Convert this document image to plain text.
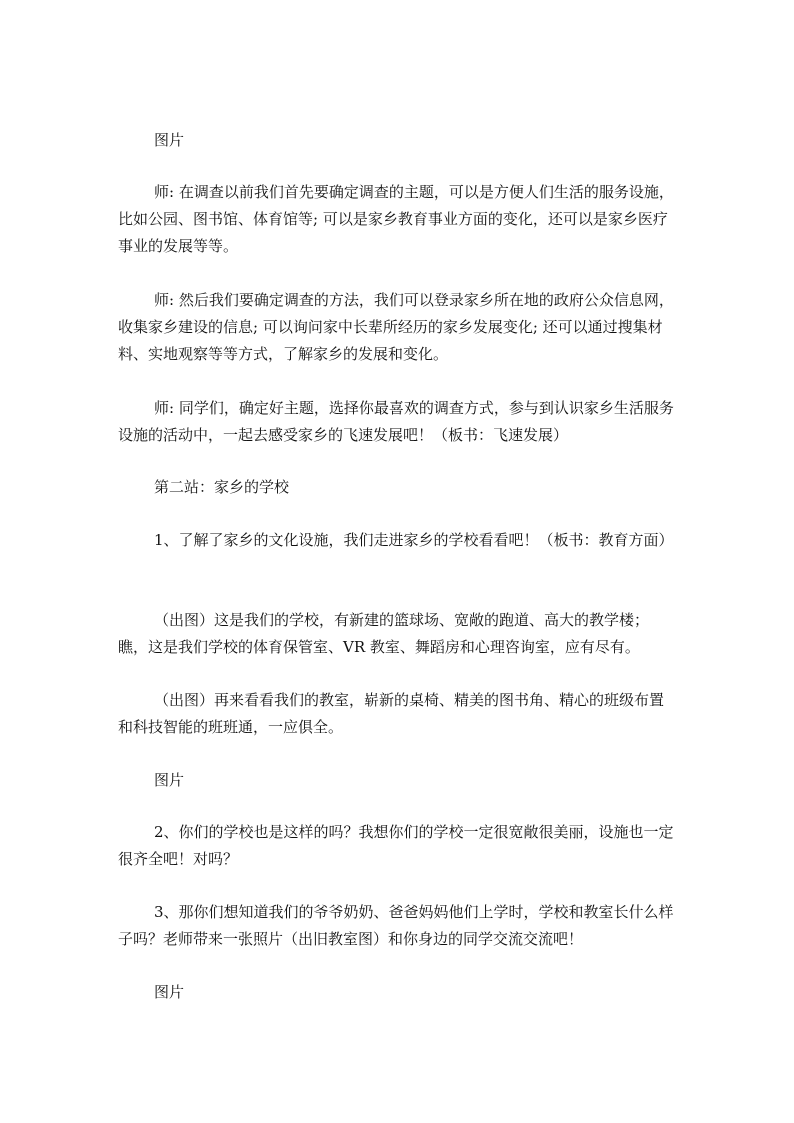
图片

师: 在调查以前我们首先要确定调查的主题，可以是方便人们生活的服务设施，比如公园、图书馆、体育馆等; 可以是家乡教育事业方面的变化，还可以是家乡医疗事业的发展等等。

师: 然后我们要确定调查的方法，我们可以登录家乡所在地的政府公众信息网，收集家乡建设的信息; 可以询问家中长辈所经历的家乡发展变化; 还可以通过搜集材料、实地观察等等方式，了解家乡的发展和变化。

师: 同学们，确定好主题，选择你最喜欢的调查方式，参与到认识家乡生活服务设施的活动中，一起去感受家乡的飞速发展吧！（板书：飞速发展）

第二站：家乡的学校

1、了解了家乡的文化设施，我们走进家乡的学校看看吧！（板书：教育方面）

（出图）这是我们的学校，有新建的篮球场、宽敞的跑道、高大的教学楼；瞧，这是我们学校的体育保管室、VR 教室、舞蹈房和心理咨询室，应有尽有。

（出图）再来看看我们的教室，崭新的桌椅、精美的图书角、精心的班级布置和科技智能的班班通，一应俱全。

图片

2、你们的学校也是这样的吗？我想你们的学校一定很宽敞很美丽，设施也一定很齐全吧！对吗？

3、那你们想知道我们的爷爷奶奶、爸爸妈妈他们上学时，学校和教室长什么样子吗？老师带来一张照片（出旧教室图）和你身边的同学交流交流吧！

图片
